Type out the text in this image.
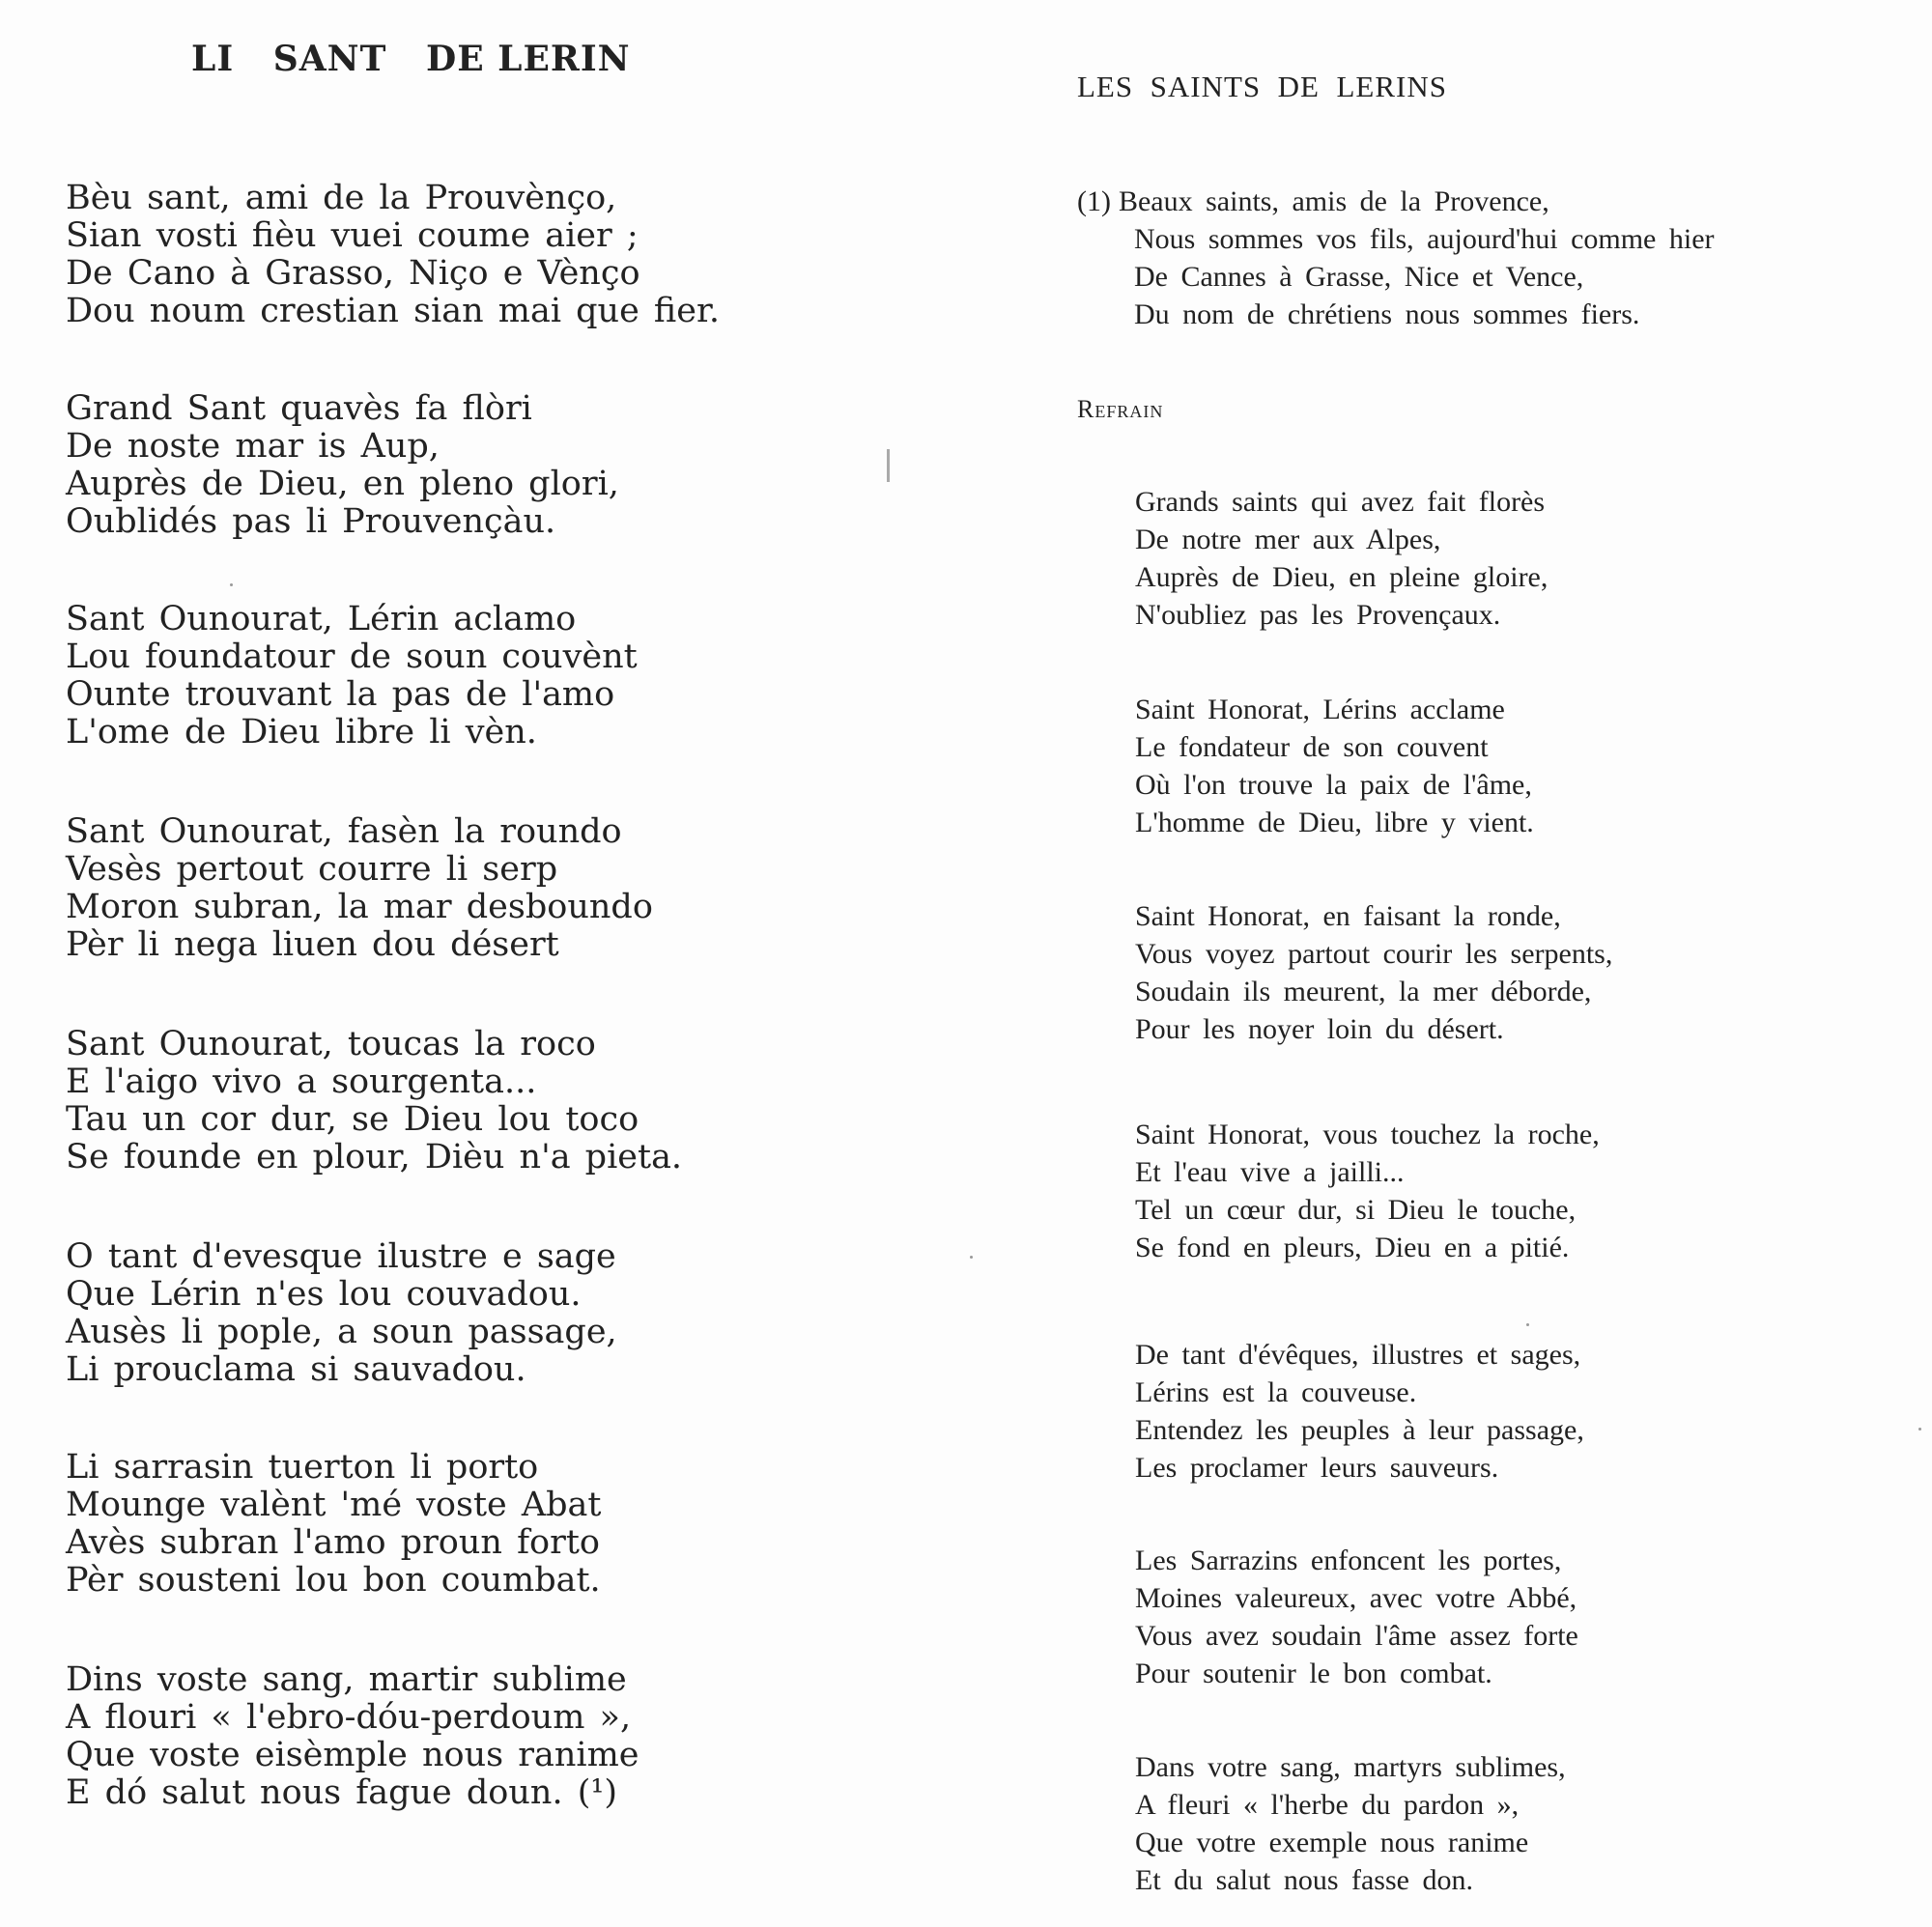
LI   SANT   DE LERIN
Bèu sant, ami de la Prouvènço,
Sian vosti fièu vuei coume aier ;
De Cano à Grasso, Niço e Vènço
Dou noum crestian sian mai que fier.
Grand Sant quavès fa flòri
De noste mar is Aup,
Auprès de Dieu, en pleno glori,
Oublidés pas li Prouvençàu.
Sant Ounourat, Lérin aclamo
Lou foundatour de soun couvènt
Ounte trouvant la pas de l'amo
L'ome de Dieu libre li vèn.
Sant Ounourat, fasèn la roundo
Vesès pertout courre li serp
Moron subran, la mar desboundo
Pèr li nega liuen dou désert
Sant Ounourat, toucas la roco
E l'aigo vivo a sourgenta...
Tau un cor dur, se Dieu lou toco
Se founde en plour, Dièu n'a pieta.
O tant d'evesque ilustre e sage
Que Lérin n'es lou couvadou.
Ausès li pople, a soun passage,
Li prouclama si sauvadou.
Li sarrasin tuerton li porto
Mounge valènt 'mé voste Abat
Avès subran l'amo proun forto
Pèr sousteni lou bon coumbat.
Dins voste sang, martir sublime
A flouri « l'ebro-dóu-perdoum »,
Que voste eisèmple nous ranime
E dó salut nous fague doun. (¹)
LES  SAINTS  DE  LERINS
(1) Beaux saints, amis de la Provence,
Nous sommes vos fils, aujourd'hui comme hier
De Cannes à Grasse, Nice et Vence,
Du nom de chrétiens nous sommes fiers.
Refrain
Grands saints qui avez fait florès
De notre mer aux Alpes,
Auprès de Dieu, en pleine gloire,
N'oubliez pas les Provençaux.
Saint Honorat, Lérins acclame
Le fondateur de son couvent
Où l'on trouve la paix de l'âme,
L'homme de Dieu, libre y vient.
Saint Honorat, en faisant la ronde,
Vous voyez partout courir les serpents,
Soudain ils meurent, la mer déborde,
Pour les noyer loin du désert.
Saint Honorat, vous touchez la roche,
Et l'eau vive a jailli...
Tel un cœur dur, si Dieu le touche,
Se fond en pleurs, Dieu en a pitié.
De tant d'évêques, illustres et sages,
Lérins est la couveuse.
Entendez les peuples à leur passage,
Les proclamer leurs sauveurs.
Les Sarrazins enfoncent les portes,
Moines valeureux, avec votre Abbé,
Vous avez soudain l'âme assez forte
Pour soutenir le bon combat.
Dans votre sang, martyrs sublimes,
A fleuri « l'herbe du pardon »,
Que votre exemple nous ranime
Et du salut nous fasse don.
